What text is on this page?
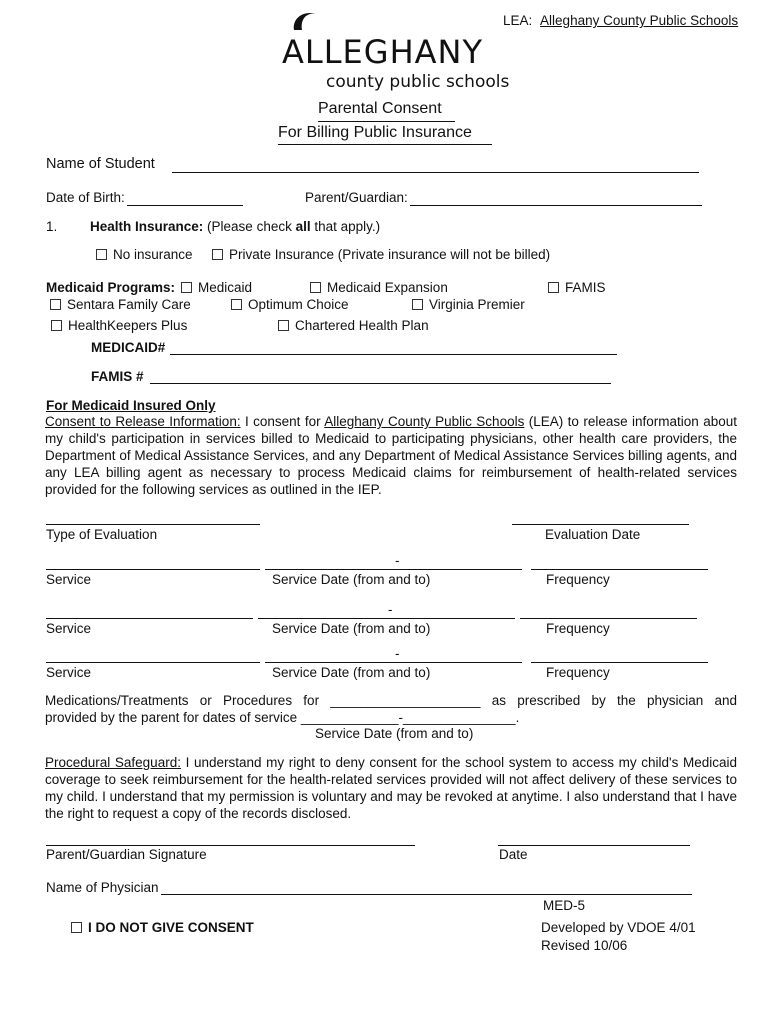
LEA: Alleghany County Public Schools
ALLEGHANY
county public schools
Parental Consent
For Billing Public Insurance
Name of Student
Date of Birth:	Parent/Guardian:
1. Health Insurance: (Please check all that apply.)
No insurance	Private Insurance (Private insurance will not be billed)
Medicaid Programs:	Medicaid	Medicaid Expansion	FAMIS
Sentara Family Care	Optimum Choice	Virginia Premier
HealthKeepers Plus	Chartered Health Plan
MEDICAID#
FAMIS #
For Medicaid Insured Only
Consent to Release Information: I consent for Alleghany County Public Schools (LEA) to release information about my child's participation in services billed to Medicaid to participating physicians, other health care providers, the Department of Medical Assistance Services, and any Department of Medical Assistance Services billing agents, and any LEA billing agent as necessary to process Medicaid claims for reimbursement of health-related services provided for the following services as outlined in the IEP.
Type of Evaluation	Evaluation Date
-
Service	Service Date (from and to)	Frequency
-
Service	Service Date (from and to)	Frequency
-
Service	Service Date (from and to)	Frequency
Medications/Treatments or Procedures for ____________________ as prescribed by the physician and
provided by the parent for dates of service _____________-_______________.
Service Date (from and to)
Procedural Safeguard: I understand my right to deny consent for the school system to access my child's Medicaid coverage to seek reimbursement for the health-related services provided will not affect delivery of these services to my child. I understand that my permission is voluntary and may be revoked at anytime. I also understand that I have the right to request a copy of the records disclosed.
Parent/Guardian Signature	Date
Name of Physician
MED-5
I DO NOT GIVE CONSENT	Developed by VDOE 4/01
Revised 10/06
